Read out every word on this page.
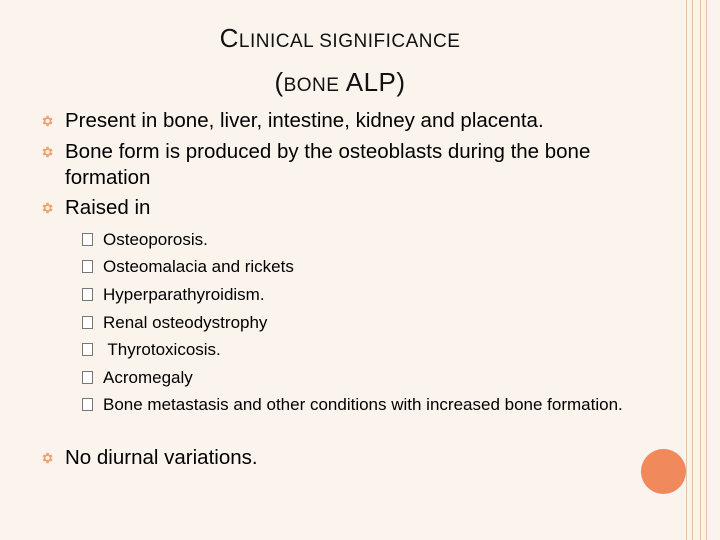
CLINICAL SIGNIFICANCE
(BONE ALP)
Present in bone, liver, intestine, kidney and placenta.
Bone form is produced by the osteoblasts during the bone formation
Raised in
Osteoporosis.
Osteomalacia and rickets
Hyperparathyroidism.
Renal osteodystrophy
Thyrotoxicosis.
Acromegaly
Bone metastasis and other conditions with increased bone formation.
No diurnal variations.
